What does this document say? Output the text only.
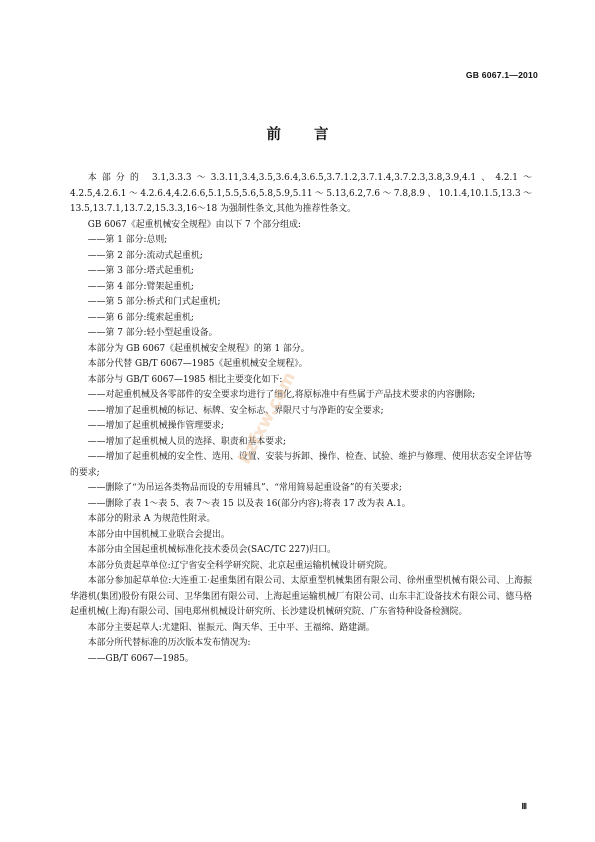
GB 6067.1—2010
前 言

本部分的 3.1,3.3.3～3.3.11,3.4,3.5,3.6.4,3.6.5,3.7.1.2,3.7.1.4,3.7.2.3,3.8,3.9,4.1、4.2.1～4.2.5,4.2.6.1～4.2.6.4,4.2.6.6,5.1,5.5,5.6,5.8,5.9,5.11～5.13,6.2,7.6～7.8,8.9、10.1.4,10.1.5,13.3～13.5,13.7.1,13.7.2,15.3.3,16～18 为强制性条文,其他为推荐性条文。

GB 6067《起重机械安全规程》由以下 7 个部分组成:

——第 1 部分:总则;

——第 2 部分:流动式起重机;

——第 3 部分:塔式起重机;

——第 4 部分:臂架起重机;

——第 5 部分:桥式和门式起重机;

——第 6 部分:缆索起重机;

——第 7 部分:轻小型起重设备。

本部分为 GB 6067《起重机械安全规程》的第 1 部分。

本部分代替 GB/T 6067—1985《起重机械安全规程》。

本部分与 GB/T 6067—1985 相比主要变化如下:

——对起重机械及各零部件的安全要求均进行了细化,将原标准中有些属于产品技术要求的内容删除;

——增加了起重机械的标记、标牌、安全标志、界限尺寸与净距的安全要求;

——增加了起重机械操作管理要求;

——增加了起重机械人员的选择、职责和基本要求;

——增加了起重机械的安全性、选用、设置、安装与拆卸、操作、检查、试验、维护与修理、使用状态安全评估等的要求;

——删除了“为吊运各类物品而设的专用辅具”、“常用简易起重设备”的有关要求;

——删除了表 1～表 5、表 7～表 15 以及表 16(部分内容);将表 17 改为表 A.1。

本部分的附录 A 为规范性附录。

本部分由中国机械工业联合会提出。

本部分由全国起重机械标准化技术委员会(SAC/TC 227)归口。

本部分负责起草单位:辽宁省安全科学研究院、北京起重运输机械设计研究院。

本部分参加起草单位:大连重工·起重集团有限公司、太原重型机械集团有限公司、徐州重型机械有限公司、上海振华港机(集团)股份有限公司、卫华集团有限公司、上海起重运输机械厂有限公司、山东丰汇设备技术有限公司、德马格起重机械(上海)有限公司、国电郑州机械设计研究所、长沙建设机械研究院、广东省特种设备检测院。

本部分主要起草人:尤建阳、崔振元、陶天华、王中平、王福绵、路建湖。

本部分所代替标准的历次版本发布情况为:

——GB/T 6067—1985。

bzfxw.com
Ⅲ
